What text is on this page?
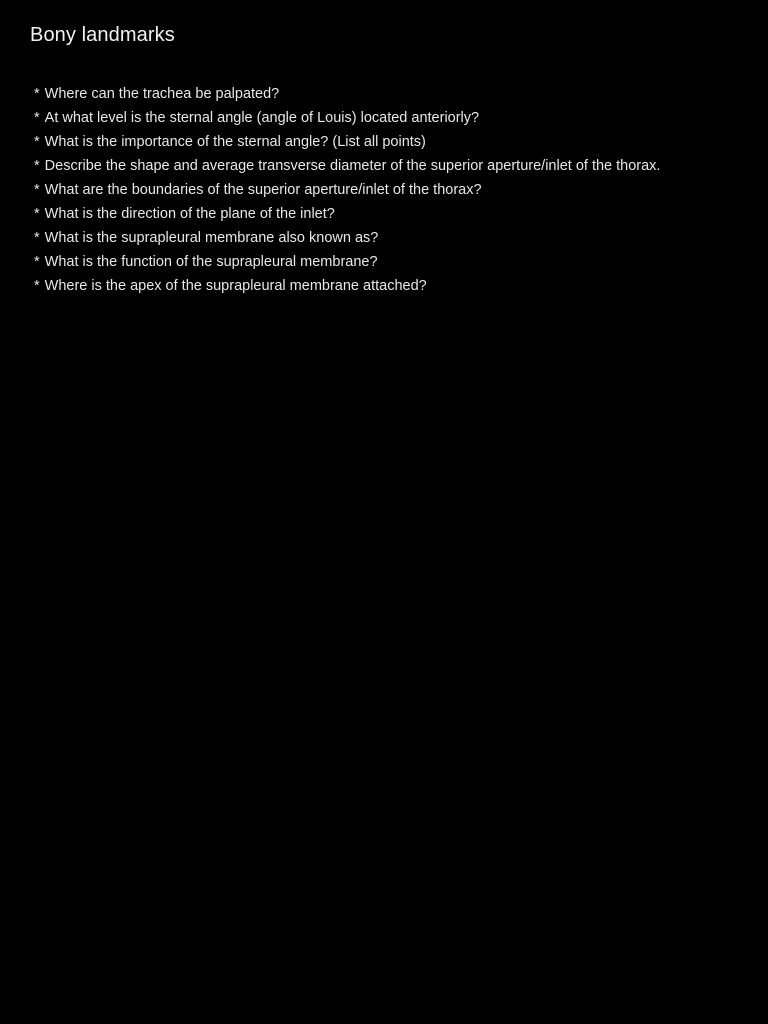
Bony landmarks
* Where can the trachea be palpated?
* At what level is the sternal angle (angle of Louis) located anteriorly?
* What is the importance of the sternal angle? (List all points)
* Describe the shape and average transverse diameter of the superior aperture/inlet of the thorax.
* What are the boundaries of the superior aperture/inlet of the thorax?
* What is the direction of the plane of the inlet?
* What is the suprapleural membrane also known as?
* What is the function of the suprapleural membrane?
* Where is the apex of the suprapleural membrane attached?
